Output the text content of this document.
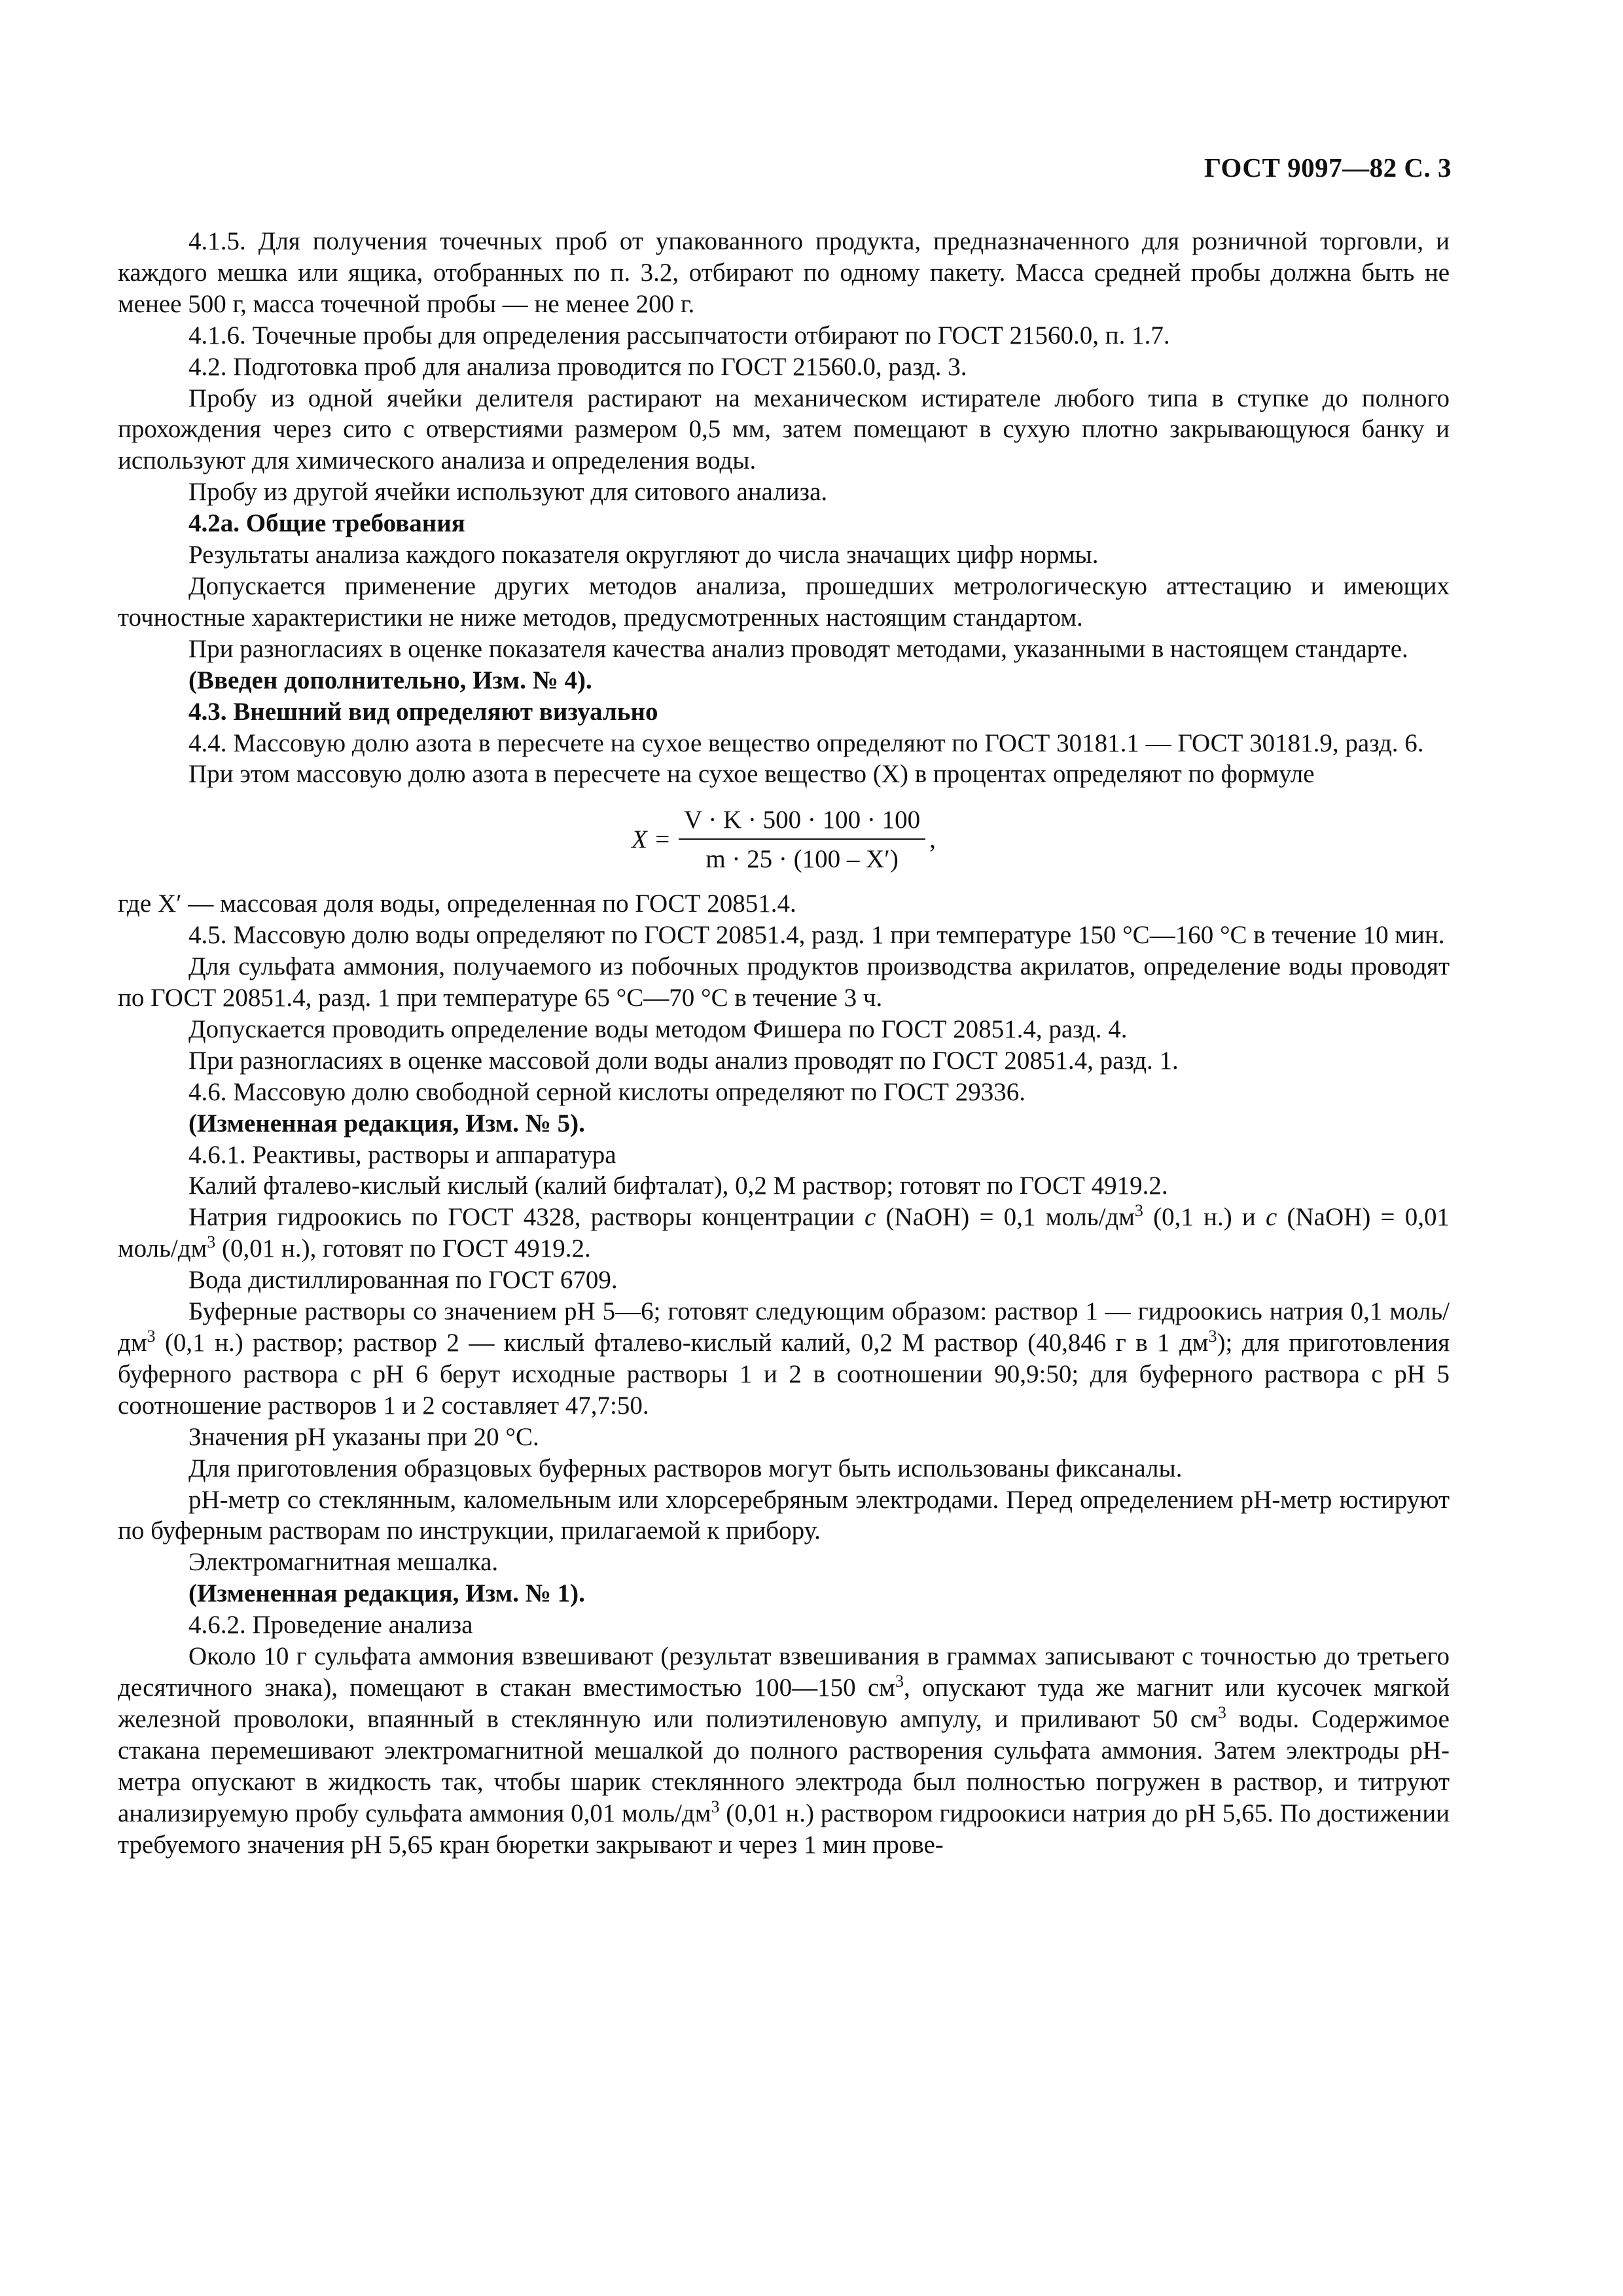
ГОСТ 9097—82 С. 3

4.1.5. Для получения точечных проб от упакованного продукта, предназначенного для розничной торговли, и каждого мешка или ящика, отобранных по п. 3.2, отбирают по одному пакету. Масса средней пробы должна быть не менее 500 г, масса точечной пробы — не менее 200 г.

4.1.6. Точечные пробы для определения рассыпчатости отбирают по ГОСТ 21560.0, п. 1.7.

4.2. Подготовка проб для анализа проводится по ГОСТ 21560.0, разд. 3.

Пробу из одной ячейки делителя растирают на механическом истирателе любого типа в ступке до полного прохождения через сито с отверстиями размером 0,5 мм, затем помещают в сухую плотно закрывающуюся банку и используют для химического анализа и определения воды.

Пробу из другой ячейки используют для ситового анализа.

4.2а. Общие требования

Результаты анализа каждого показателя округляют до числа значащих цифр нормы.

Допускается применение других методов анализа, прошедших метрологическую аттестацию и имеющих точностные характеристики не ниже методов, предусмотренных настоящим стандартом.

При разногласиях в оценке показателя качества анализ проводят методами, указанными в настоящем стандарте.

(Введен дополнительно, Изм. № 4).

4.3. Внешний вид определяют визуально

4.4. Массовую долю азота в пересчете на сухое вещество определяют по ГОСТ 30181.1 — ГОСТ 30181.9, разд. 6.

При этом массовую долю азота в пересчете на сухое вещество (X) в процентах определяют по формуле

$X = \frac{V \cdot K \cdot 500 \cdot 100 \cdot 100}{m \cdot 25 \cdot (100 - X')}$ ,

где X′ — массовая доля воды, определенная по ГОСТ 20851.4.

4.5. Массовую долю воды определяют по ГОСТ 20851.4, разд. 1 при температуре 150 °С—160 °С в течение 10 мин.

Для сульфата аммония, получаемого из побочных продуктов производства акрилатов, определение воды проводят по ГОСТ 20851.4, разд. 1 при температуре 65 °С—70 °С в течение 3 ч.

Допускается проводить определение воды методом Фишера по ГОСТ 20851.4, разд. 4.

При разногласиях в оценке массовой доли воды анализ проводят по ГОСТ 20851.4, разд. 1.

4.6. Массовую долю свободной серной кислоты определяют по ГОСТ 29336.

(Измененная редакция, Изм. № 5).

4.6.1. Реактивы, растворы и аппаратура

Калий фталево-кислый кислый (калий бифталат), 0,2 М раствор; готовят по ГОСТ 4919.2.

Натрия гидроокись по ГОСТ 4328, растворы концентрации c (NaOH) = 0,1 моль/$дм^3$ (0,1 н.) и c (NaOH) = 0,01 моль/$дм^3$ (0,01 н.), готовят по ГОСТ 4919.2.

Вода дистиллированная по ГОСТ 6709.

Буферные растворы со значением рН 5—6; готовят следующим образом: раствор 1 — гидроокись натрия 0,1 моль/$дм^3$ (0,1 н.) раствор; раствор 2 — кислый фталево-кислый калий, 0,2 М раствор (40,846 г в 1 $дм^3$); для приготовления буферного раствора с рН 6 берут исходные растворы 1 и 2 в соотношении 90,9:50; для буферного раствора с рН 5 соотношение растворов 1 и 2 составляет 47,7:50.

Значения рН указаны при 20 °С.

Для приготовления образцовых буферных растворов могут быть использованы фиксаналы.

рН-метр со стеклянным, каломельным или хлорсеребряным электродами. Перед определением рН-метр юстируют по буферным растворам по инструкции, прилагаемой к прибору.

Электромагнитная мешалка.

(Измененная редакция, Изм. № 1).

4.6.2. Проведение анализа

Около 10 г сульфата аммония взвешивают (результат взвешивания в граммах записывают с точностью до третьего десятичного знака), помещают в стакан вместимостью 100—150 $см^3$, опускают туда же магнит или кусочек мягкой железной проволоки, впаянный в стеклянную или полиэтиленовую ампулу, и приливают 50 $см^3$ воды. Содержимое стакана перемешивают электромагнитной мешалкой до полного растворения сульфата аммония. Затем электроды рН-метра опускают в жидкость так, чтобы шарик стеклянного электрода был полностью погружен в раствор, и титруют анализируемую пробу сульфата аммония 0,01 моль/$дм^3$ (0,01 н.) раствором гидроокиси натрия до рН 5,65. По достижении требуемого значения рН 5,65 кран бюретки закрывают и через 1 мин прове-
